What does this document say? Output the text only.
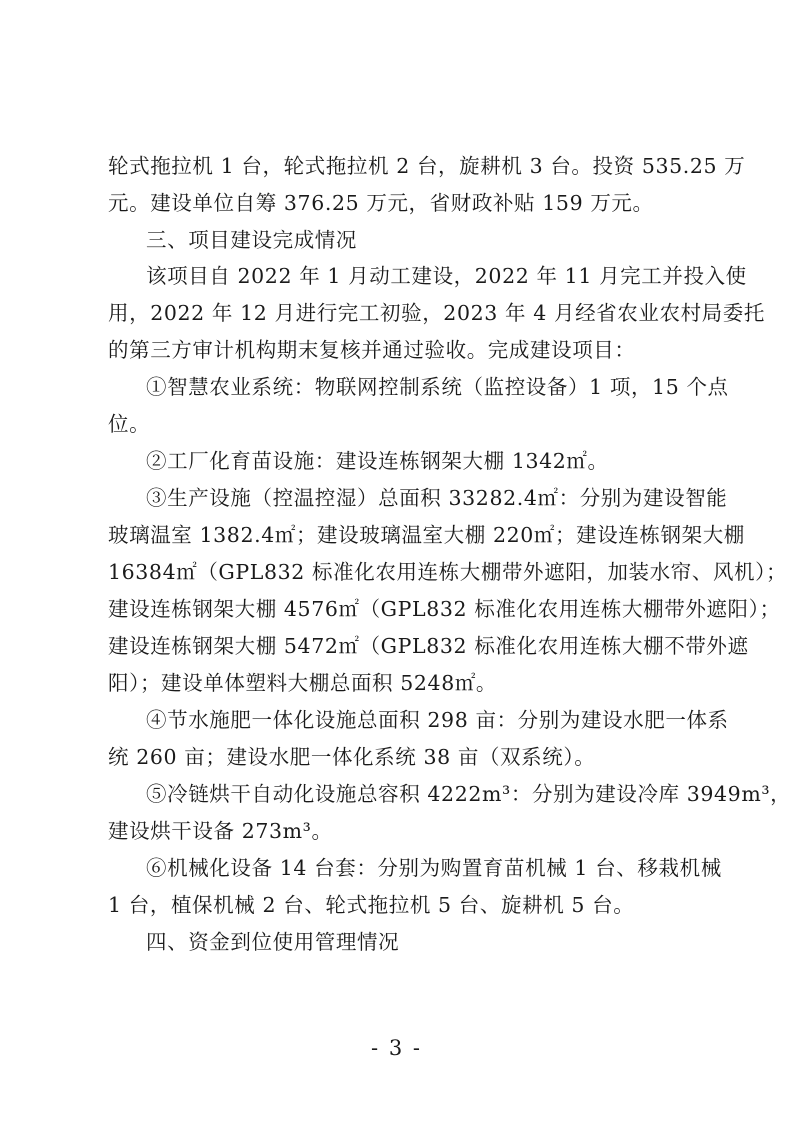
轮式拖拉机 1 台，轮式拖拉机 2 台，旋耕机 3 台。投资 535.25 万
元。建设单位自筹 376.25 万元，省财政补贴 159 万元。
三、项目建设完成情况
该项目自 2022 年 1 月动工建设，2022 年 11 月完工并投入使
用，2022 年 12 月进行完工初验，2023 年 4 月经省农业农村局委托
的第三方审计机构期末复核并通过验收。完成建设项目：
①智慧农业系统：物联网控制系统（监控设备）1 项，15 个点
位。
②工厂化育苗设施：建设连栋钢架大棚 1342㎡。
③生产设施（控温控湿）总面积 33282.4㎡：分别为建设智能
玻璃温室 1382.4㎡；建设玻璃温室大棚 220㎡；建设连栋钢架大棚
16384㎡（GPL832 标准化农用连栋大棚带外遮阳，加装水帘、风机）；
建设连栋钢架大棚 4576㎡（GPL832 标准化农用连栋大棚带外遮阳）；
建设连栋钢架大棚 5472㎡（GPL832 标准化农用连栋大棚不带外遮
阳）；建设单体塑料大棚总面积 5248㎡。
④节水施肥一体化设施总面积 298 亩：分别为建设水肥一体系
统 260 亩；建设水肥一体化系统 38 亩（双系统）。
⑤冷链烘干自动化设施总容积 4222m³：分别为建设冷库 3949m³，
建设烘干设备 273m³。
⑥机械化设备 14 台套：分别为购置育苗机械 1 台、移栽机械
1 台，植保机械 2 台、轮式拖拉机 5 台、旋耕机 5 台。
四、资金到位使用管理情况
- 3 -
